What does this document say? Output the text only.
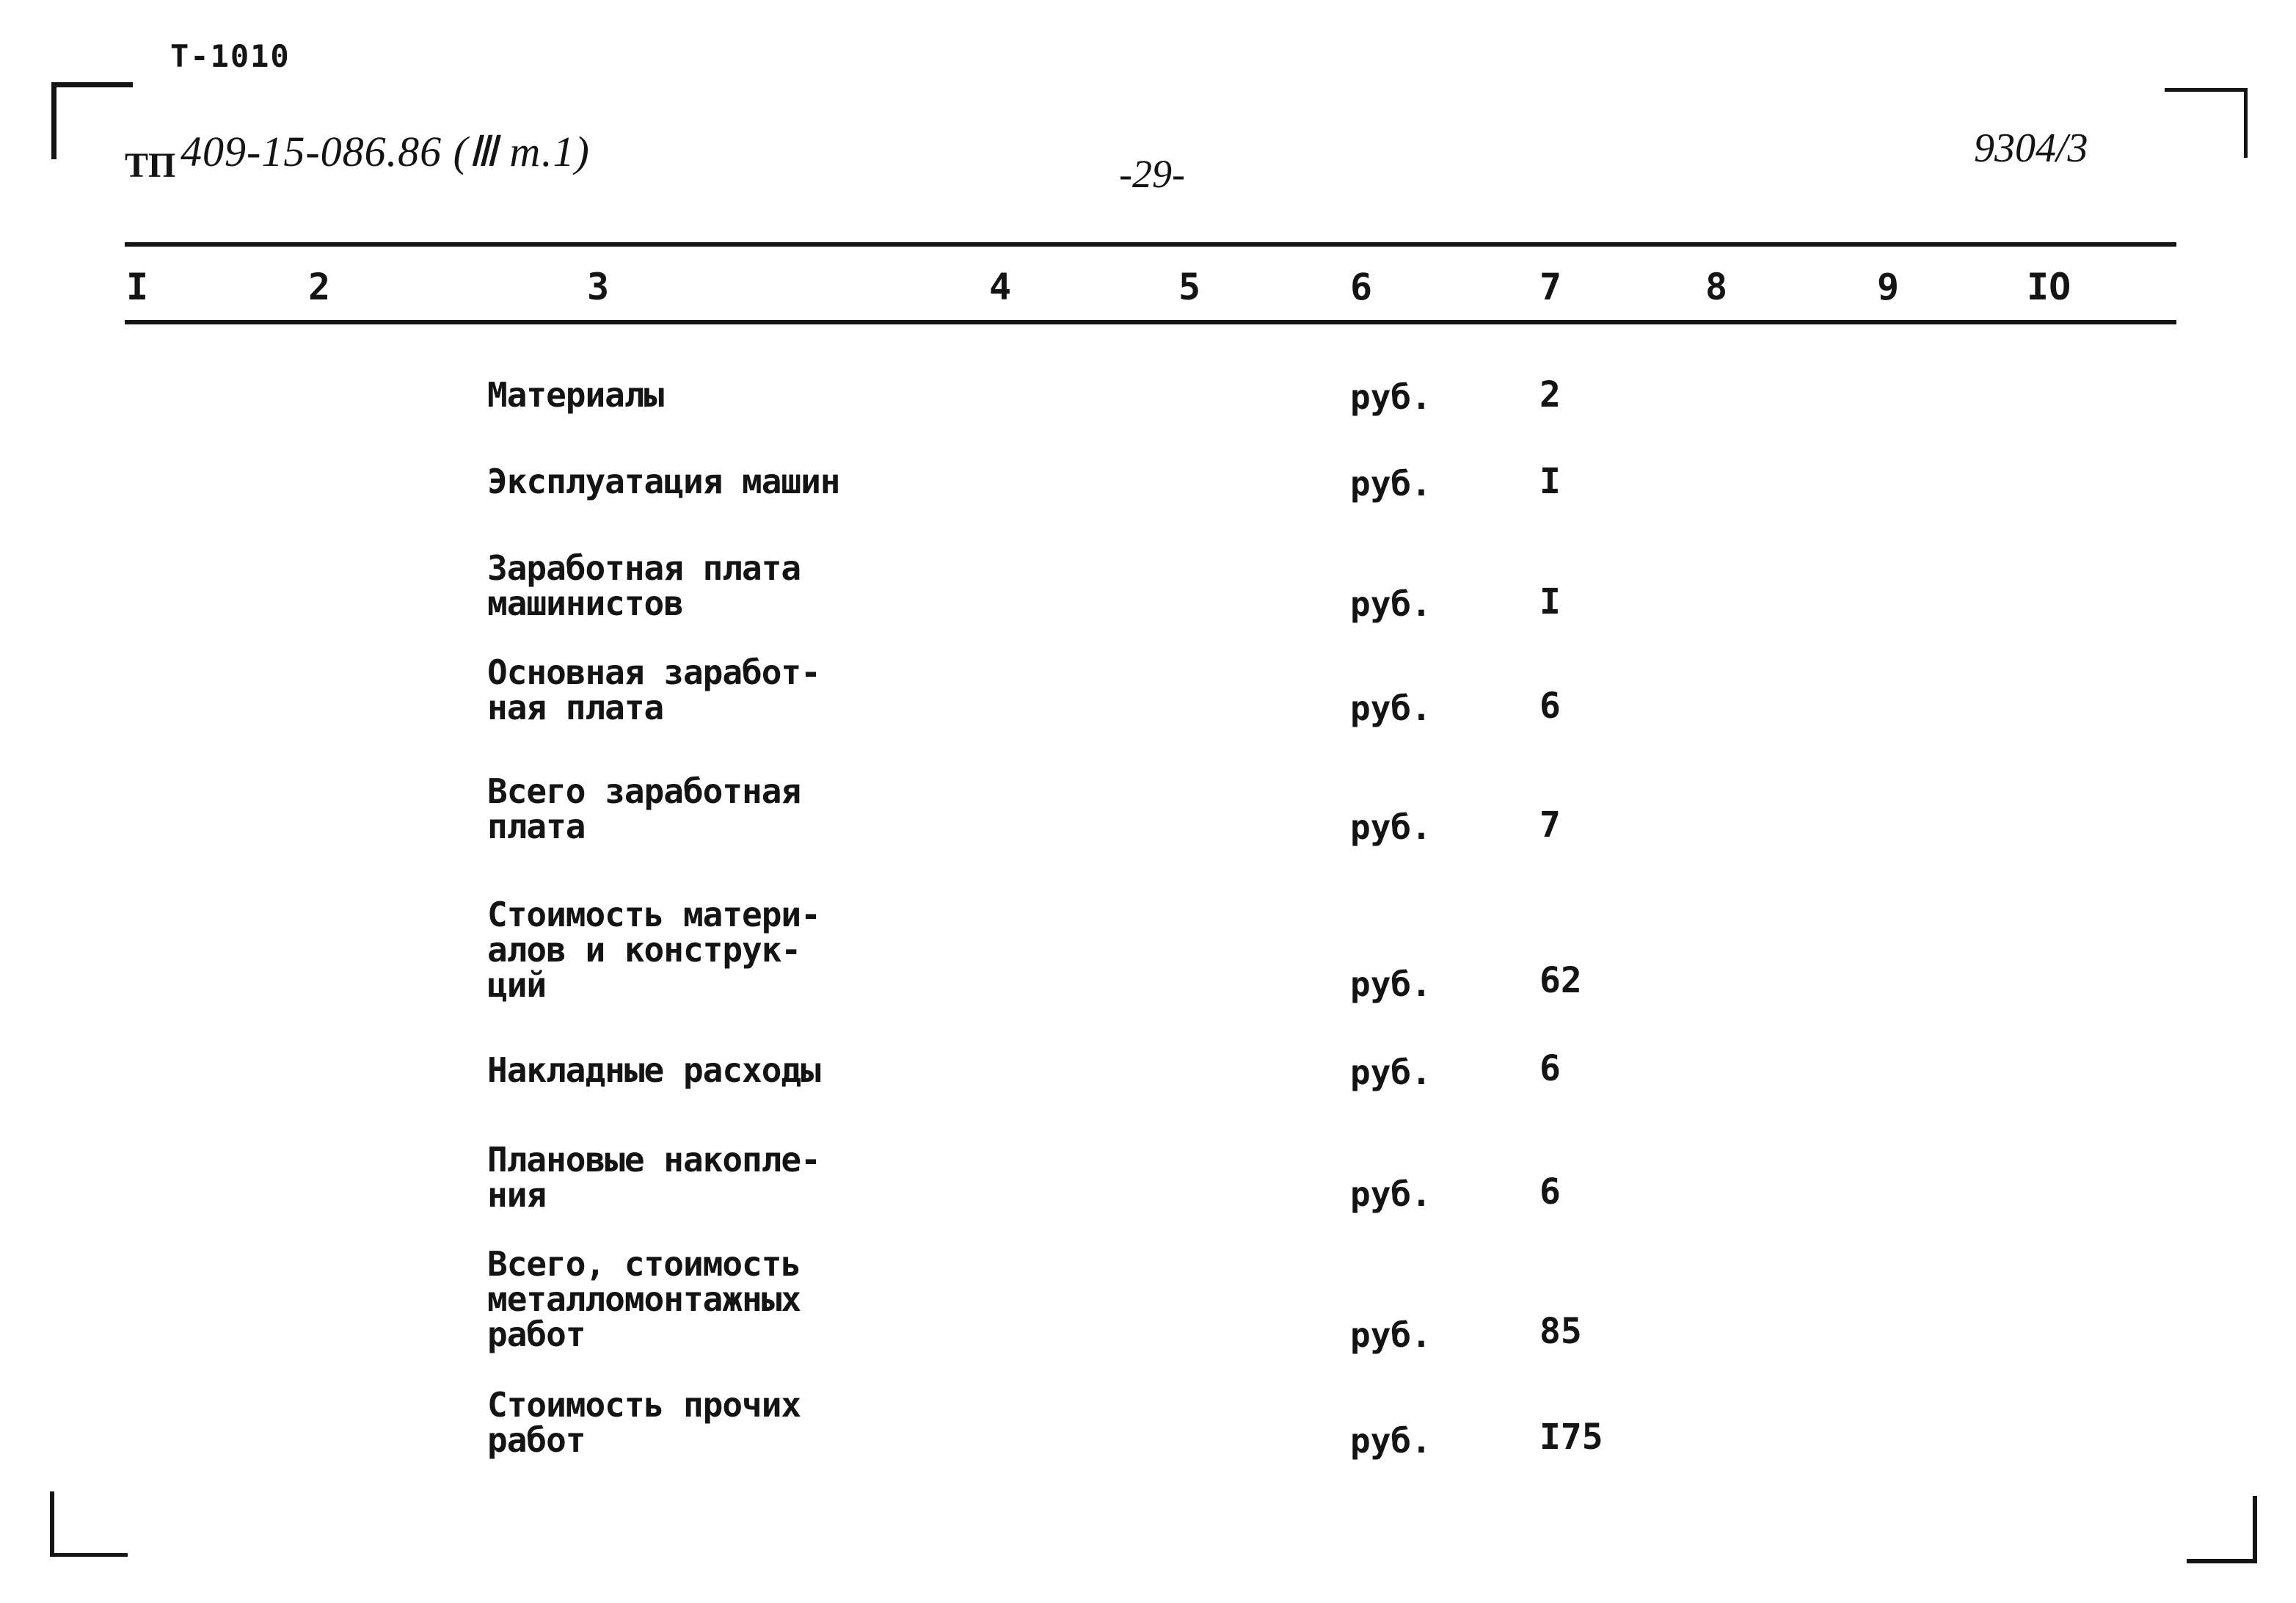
Т-1010
ТП 409-15-086.86 (Ⅲ т.1)	-29-
9304/3
I	2	3	4	5	6	7	8	9	IO
Материалы	руб.	2
Эксплуатация машин	руб.	I
Заработная плата
машинистов	руб.	I
Основная заработ-
ная плата	руб.	6
Всего заработная
плата	руб.	7
Стоимость матери-
алов и конструк-
ций	руб.	62
Накладные расходы	руб.	6
Плановые накопле-
ния	руб.	6
Всего, стоимость
металломонтажных
работ	руб.	85
Стоимость прочих
работ	руб.	I75
